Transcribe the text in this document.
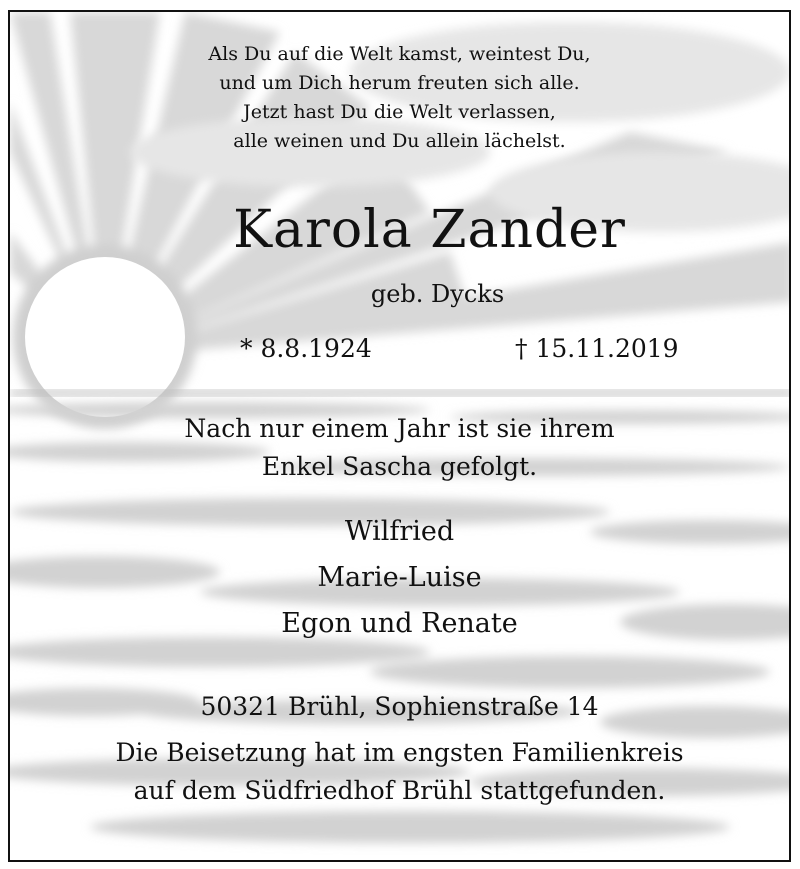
Als Du auf die Welt kamst, weintest Du,
und um Dich herum freuten sich alle.
Jetzt hast Du die Welt verlassen,
alle weinen und Du allein lächelst.
Karola Zander
geb. Dycks
* 8.8.1924	† 15.11.2019
Nach nur einem Jahr ist sie ihrem
Enkel Sascha gefolgt.
Wilfried
Marie-Luise
Egon und Renate
50321 Brühl, Sophienstraße 14
Die Beisetzung hat im engsten Familienkreis
auf dem Südfriedhof Brühl stattgefunden.
